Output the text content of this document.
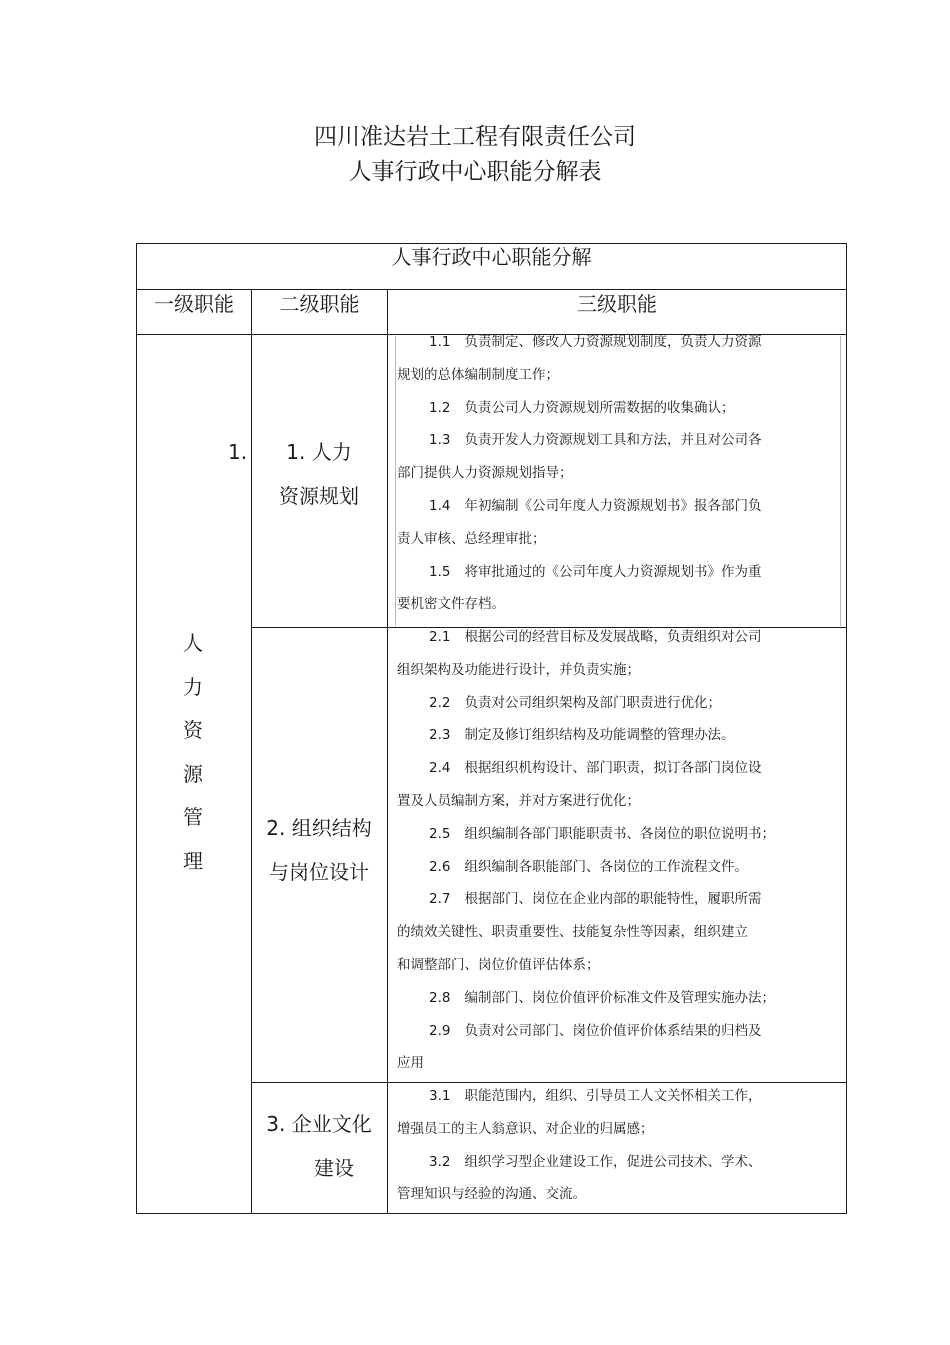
四川准达岩土工程有限责任公司
人事行政中心职能分解表
人事行政中心职能分解
一级职能	二级职能	三级职能
1.
人
力
资
源
管
理
1. 人力
资源规划
2. 组织结构
与岗位设计
3. 企业文化
建设

1.1 负责制定、修改人力资源规划制度，负责人力资源

规划的总体编制制度工作；

1.2 负责公司人力资源规划所需数据的收集确认；

1.3 负责开发人力资源规划工具和方法，并且对公司各

部门提供人力资源规划指导；

1.4 年初编制《公司年度人力资源规划书》报各部门负

责人审核、总经理审批；

1.5 将审批通过的《公司年度人力资源规划书》作为重

要机密文件存档。

2.1 根据公司的经营目标及发展战略，负责组织对公司

组织架构及功能进行设计，并负责实施；

2.2 负责对公司组织架构及部门职责进行优化；

2.3 制定及修订组织结构及功能调整的管理办法。

2.4 根据组织机构设计、部门职责，拟订各部门岗位设

置及人员编制方案，并对方案进行优化；

2.5 组织编制各部门职能职责书、各岗位的职位说明书；

2.6 组织编制各职能部门、各岗位的工作流程文件。

2.7 根据部门、岗位在企业内部的职能特性，履职所需

的绩效关键性、职责重要性、技能复杂性等因素，组织建立

和调整部门、岗位价值评估体系；

2.8 编制部门、岗位价值评价标准文件及管理实施办法；

2.9 负责对公司部门、岗位价值评价体系结果的归档及

应用

3.1 职能范围内，组织、引导员工人文关怀相关工作，

增强员工的主人翁意识、对企业的归属感；

3.2 组织学习型企业建设工作，促进公司技术、学术、

管理知识与经验的沟通、交流。
